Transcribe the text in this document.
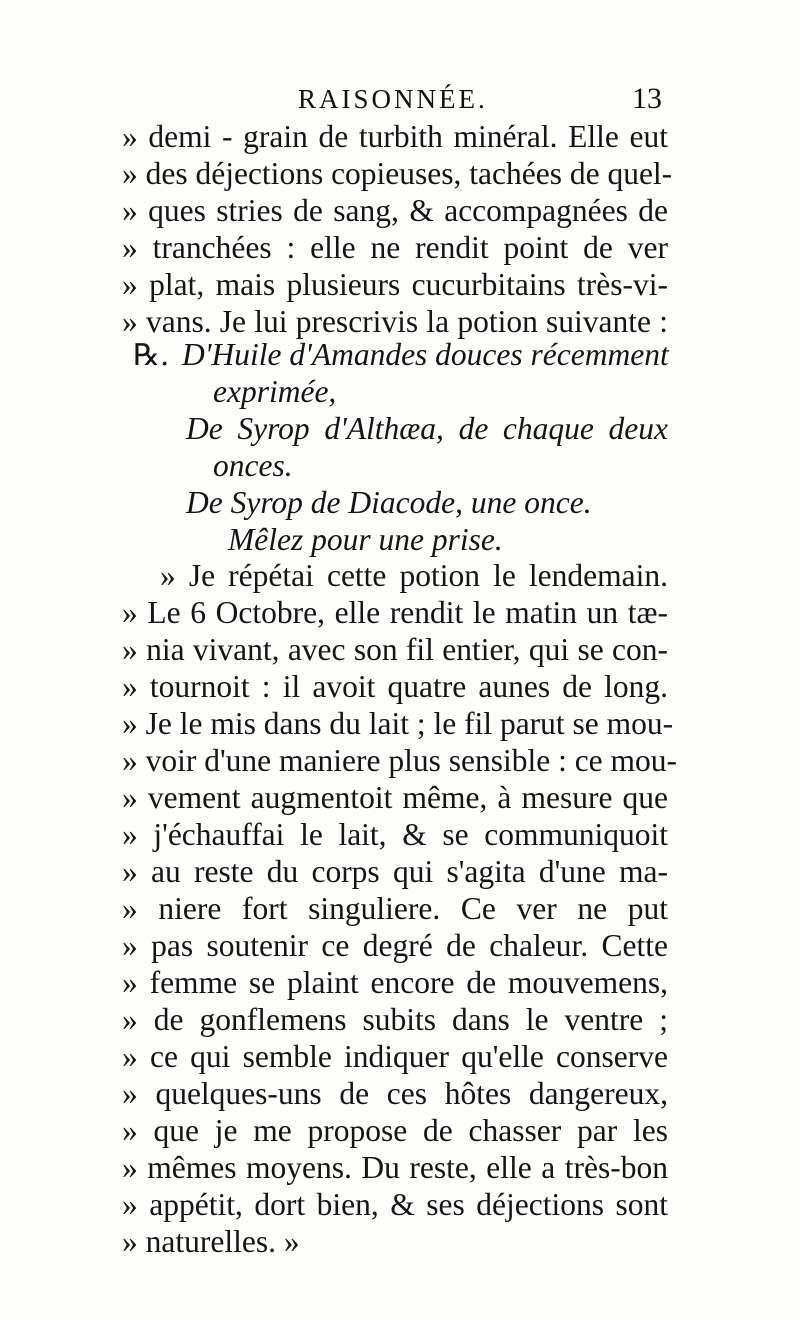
RAISONNÉE.	13
» demi - grain de turbith minéral. Elle eut
» des déjections copieuses, tachées de quel-
» ques stries de sang, & accompagnées de
» tranchées : elle ne rendit point de ver
» plat, mais plusieurs cucurbitains très-vi-
» vans. Je lui prescrivis la potion suivante :
℞. D'Huile d'Amandes douces récemment
exprimée,
De Syrop d'Althæa, de chaque deux
onces.
De Syrop de Diacode, une once.
Mêlez pour une prise.
» Je répétai cette potion le lendemain.
» Le 6 Octobre, elle rendit le matin un tæ-
» nia vivant, avec son fil entier, qui se con-
» tournoit : il avoit quatre aunes de long.
» Je le mis dans du lait ; le fil parut se mou-
» voir d'une maniere plus sensible : ce mou-
» vement augmentoit même, à mesure que
» j'échauffai le lait, & se communiquoit
» au reste du corps qui s'agita d'une ma-
» niere fort singuliere. Ce ver ne put
» pas soutenir ce degré de chaleur. Cette
» femme se plaint encore de mouvemens,
» de gonflemens subits dans le ventre ;
» ce qui semble indiquer qu'elle conserve
» quelques-uns de ces hôtes dangereux,
» que je me propose de chasser par les
» mêmes moyens. Du reste, elle a très-bon
» appétit, dort bien, & ses déjections sont
» naturelles. »
